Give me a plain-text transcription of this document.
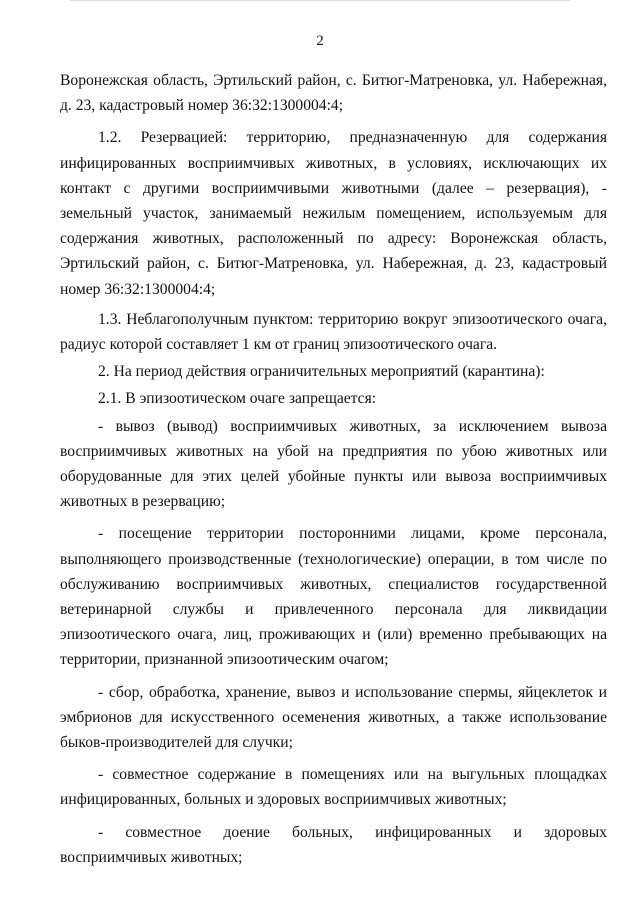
2

Воронежская область, Эртильский район, с. Битюг-Матреновка, ул. Набережная, д. 23, кадастровый номер 36:32:1300004:4;

1.2. Резервацией: территорию, предназначенную для содержания инфицированных восприимчивых животных, в условиях, исключающих их контакт с другими восприимчивыми животными (далее – резервация), - земельный участок, занимаемый нежилым помещением, используемым для содержания животных, расположенный по адресу: Воронежская область, Эртильский район, с. Битюг-Матреновка, ул. Набережная, д. 23, кадастровый номер 36:32:1300004:4;

1.3. Неблагополучным пунктом: территорию вокруг эпизоотического очага, радиус которой составляет 1 км от границ эпизоотического очага.

2. На период действия ограничительных мероприятий (карантина):

2.1. В эпизоотическом очаге запрещается:

- вывоз (вывод) восприимчивых животных, за исключением вывоза восприимчивых животных на убой на предприятия по убою животных или оборудованные для этих целей убойные пункты или вывоза восприимчивых животных в резервацию;

- посещение территории посторонними лицами, кроме персонала, выполняющего производственные (технологические) операции, в том числе по обслуживанию восприимчивых животных, специалистов государственной ветеринарной службы и привлеченного персонала для ликвидации эпизоотического очага, лиц, проживающих и (или) временно пребывающих на территории, признанной эпизоотическим очагом;

- сбор, обработка, хранение, вывоз и использование спермы, яйцеклеток и эмбрионов для искусственного осеменения животных, а также использование быков-производителей для случки;

- совместное содержание в помещениях или на выгульных площадках инфицированных, больных и здоровых восприимчивых животных;

- совместное доение больных, инфицированных и здоровых восприимчивых животных;
